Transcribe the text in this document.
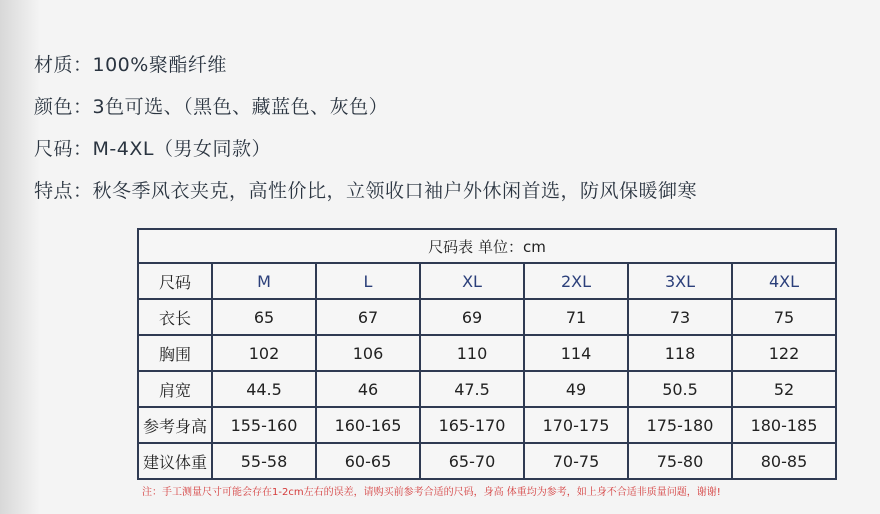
材质：100%聚酯纤维
颜色：3色可选、（黑色、藏蓝色、灰色）
尺码：M-4XL（男女同款）
特点：秋冬季风衣夹克，高性价比，立领收口袖户外休闲首选，防风保暖御寒
尺码表 单位：cm						
尺码	M	L	XL	2XL	3XL	4XL
衣长	65	67	69	71	73	75
胸围	102	106	110	114	118	122
肩宽	44.5	46	47.5	49	50.5	52
参考身高	155-160	160-165	165-170	170-175	175-180	180-185
建议体重	55-58	60-65	65-70	70-75	75-80	80-85
注：手工测量尺寸可能会存在1-2cm左右的误差，请购买前参考合适的尺码，身高 体重均为参考，如上身不合适非质量问题，谢谢!
